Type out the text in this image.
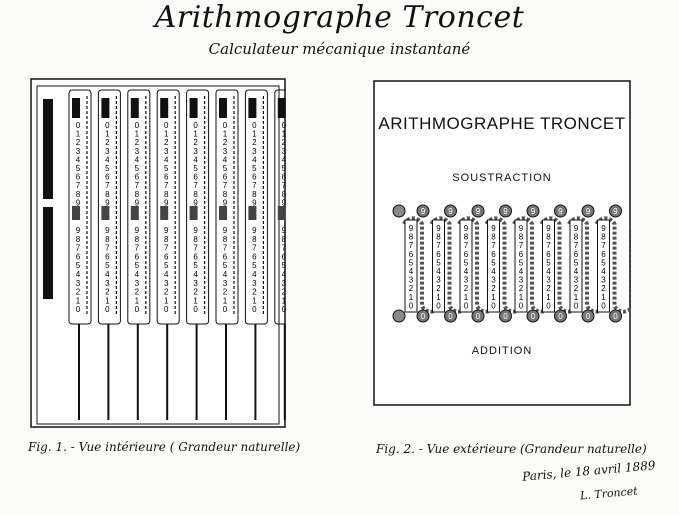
Arithmographe Troncet
Calculateur mécanique instantané
0
1
2
3
4
5
6
7
8
9
9
8
7
6
5
4
3
2
1
0
0
1
2
3
4
5
6
7
8
9
9
8
7
6
5
4
3
2
1
0
0
1
2
3
4
5
6
7
8
9
9
8
7
6
5
4
3
2
1
0
0
1
2
3
4
5
6
7
8
9
9
8
7
6
5
4
3
2
1
0
0
1
2
3
4
5
6
7
8
9
9
8
7
6
5
4
3
2
1
0
0
1
2
3
4
5
6
7
8
9
9
8
7
6
5
4
3
2
1
0
0
1
2
3
4
5
6
7
8
9
9
8
7
6
5
4
3
2
1
0
0
1
2
3
4
5
6
7
8
9
9
8
7
6
5
4
3
2
1
0
Fig. 1. - Vue intérieure ( Grandeur naturelle)
9
9
8
7
6
5
4
3
2
1
0
0
9
9
8
7
6
5
4
3
2
1
0
0
9
9
8
7
6
5
4
3
2
1
0
0
9
9
8
7
6
5
4
3
2
1
0
0
9
9
8
7
6
5
4
3
2
1
0
0
9
9
8
7
6
5
4
3
2
1
0
0
9
9
8
7
6
5
4
3
2
1
0
0
9
9
8
7
6
5
4
3
2
1
0
0
ARITHMOGRAPHE TRONCET
SOUSTRACTION
ADDITION
Fig. 2. - Vue extérieure (Grandeur naturelle)
Paris, le 18 avril 1889
L. Troncet
